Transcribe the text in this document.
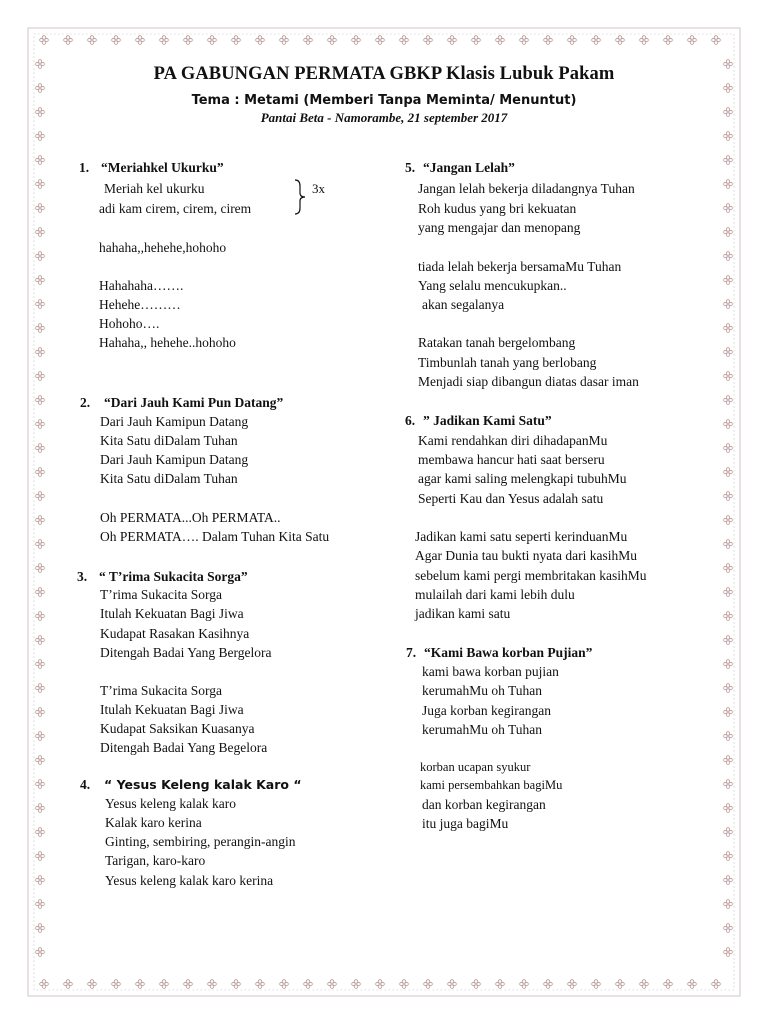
PA GABUNGAN PERMATA GBKP Klasis Lubuk Pakam
Tema : Metami (Memberi Tanpa Meminta/ Menuntut)
Pantai Beta - Namorambe, 21 september 2017
1. “Meriahkel Ukurku”
Meriah kel ukurku
adi kam cirem, cirem, cirem
3x
hahaha,,hehehe,hohoho
Hahahaha…….
Hehehe………
Hohoho….
Hahaha,, hehehe..hohoho
2. “Dari Jauh Kami Pun Datang”
Dari Jauh Kamipun Datang
Kita Satu diDalam Tuhan
Dari Jauh Kamipun Datang
Kita Satu diDalam Tuhan
Oh PERMATA...Oh PERMATA..
Oh PERMATA…. Dalam Tuhan Kita Satu
3. “ T’rima Sukacita Sorga”
T’rima Sukacita Sorga
Itulah Kekuatan Bagi Jiwa
Kudapat Rasakan Kasihnya
Ditengah Badai Yang Bergelora
T’rima Sukacita Sorga
Itulah Kekuatan Bagi Jiwa
Kudapat Saksikan Kuasanya
Ditengah Badai Yang Begelora
4. “ Yesus Keleng kalak Karo “
Yesus keleng kalak karo
Kalak karo kerina
Ginting, sembiring, perangin-angin
Tarigan, karo-karo
Yesus keleng kalak karo kerina
5. “Jangan Lelah”
Jangan lelah bekerja diladangnya Tuhan
Roh kudus yang bri kekuatan
yang mengajar dan menopang
tiada lelah bekerja bersamaMu Tuhan
Yang selalu mencukupkan..
akan segalanya
Ratakan tanah bergelombang
Timbunlah tanah yang berlobang
Menjadi siap dibangun diatas dasar iman
6. ” Jadikan Kami Satu”
Kami rendahkan diri dihadapanMu
membawa hancur hati saat berseru
agar kami saling melengkapi tubuhMu
Seperti Kau dan Yesus adalah satu
Jadikan kami satu seperti kerinduanMu
Agar Dunia tau bukti nyata dari kasihMu
sebelum kami pergi membritakan kasihMu
mulailah dari kami lebih dulu
jadikan kami satu
7. “Kami Bawa korban Pujian”
kami bawa korban pujian
kerumahMu oh Tuhan
Juga korban kegirangan
kerumahMu oh Tuhan
korban ucapan syukur
kami persembahkan bagiMu
dan korban kegirangan
itu juga bagiMu
